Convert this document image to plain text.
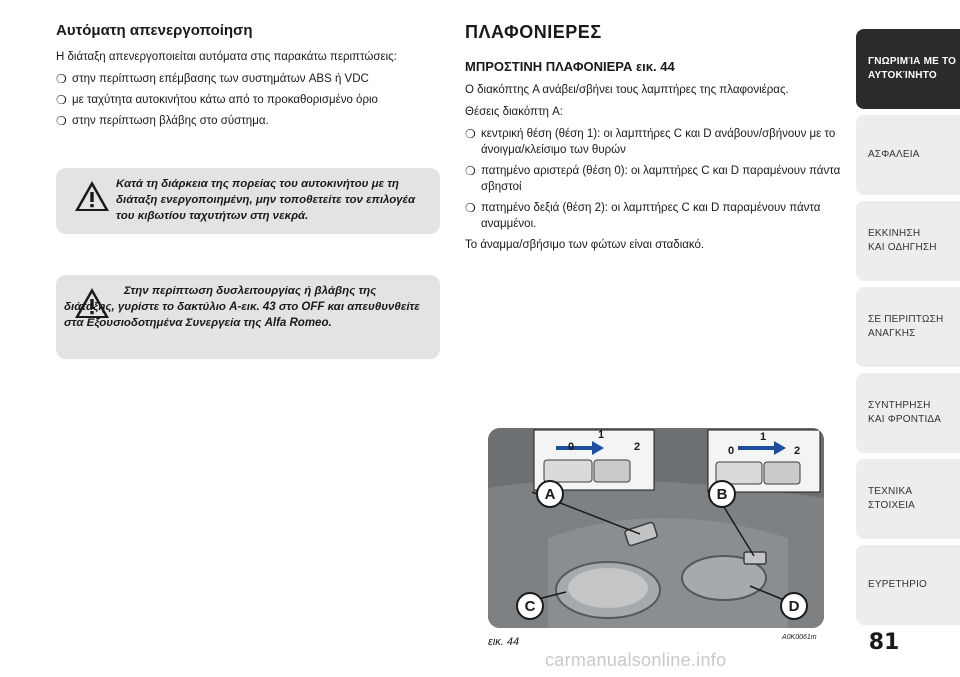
Αυτόματη απενεργοποίηση
Η διάταξη απενεργοποιείται αυτόματα στις παρακάτω περιπτώσεις:
❍ στην περίπτωση επέμβασης των συστημάτων ABS ή VDC
❍ με ταχύτητα αυτοκινήτου κάτω από το προκαθορισμένο όριο
❍ στην περίπτωση βλάβης στο σύστημα.
Κατά τη διάρκεια της πορείας του αυτοκινήτου με τη διάταξη ενεργοποιημένη, μην τοποθετείτε τον επιλογέα του κιβωτίου ταχυτήτων στη νεκρά.
Στην περίπτωση δυσλειτουργίας ή βλάβης της διάταξης, γυρίστε το δακτύλιο A-εικ. 43 στο OFF και απευθυνθείτε στα Εξουσιοδοτημένα Συνεργεία της Alfa Romeo.
ΠΛΑΦΟΝΙΕΡΕΣ
ΜΠΡΟΣΤΙΝΗ ΠΛΑΦΟΝΙΕΡΑ εικ. 44
Ο διακόπτης A ανάβει/σβήνει τους λαμπτήρες της πλαφονιέρας.
Θέσεις διακόπτη A:
❍ κεντρική θέση (θέση 1): οι λαμπτήρες C και D ανάβουν/σβήνουν με το άνοιγμα/κλείσιμο των θυρών
❍ πατημένο αριστερά (θέση 0): οι λαμπτήρες C και D παραμένουν πάντα σβηστοί
❍ πατημένο δεξιά (θέση 2): οι λαμπτήρες C και D παραμένουν πάντα αναμμένοι.
Το άναμμα/σβήσιμο των φώτων είναι σταδιακό.
0
1
2	0
1
2
A	B
C	D
εικ. 44	A0K0061m
ΓΝΩΡΙΜΊΑ ΜΕ ΤΟ
ΑΥΤΟΚΊΝΗΤΟ
ΑΣΦΑΛΕΙΑ
ΕΚΚΙΝΗΣΗ
ΚΑΙ ΟΔΗΓΗΣΗ
ΣΕ ΠΕΡΙΠΤΩΣΗ
ΑΝΑΓΚΗΣ
ΣΥΝΤΗΡΗΣΗ
ΚΑΙ ΦΡΟΝΤΙΔΑ
ΤΕΧΝΙΚΑ
ΣΤΟΙΧΕΙΑ
ΕΥΡΕΤΗΡΙΟ
81
carmanualsonline.info
